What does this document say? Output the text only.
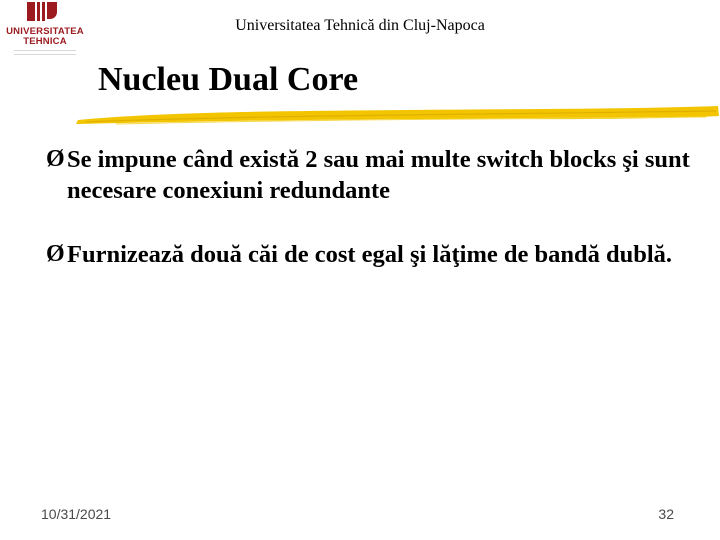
UNIVERSITATEA
TEHNICA
Universitatea Tehnică din Cluj-Napoca
Nucleu Dual Core
Ø Se impune când există 2 sau mai multe switch blocks şi sunt necesare conexiuni redundante
Ø Furnizează două căi de cost egal şi lăţime de bandă dublă.
10/31/2021	32
